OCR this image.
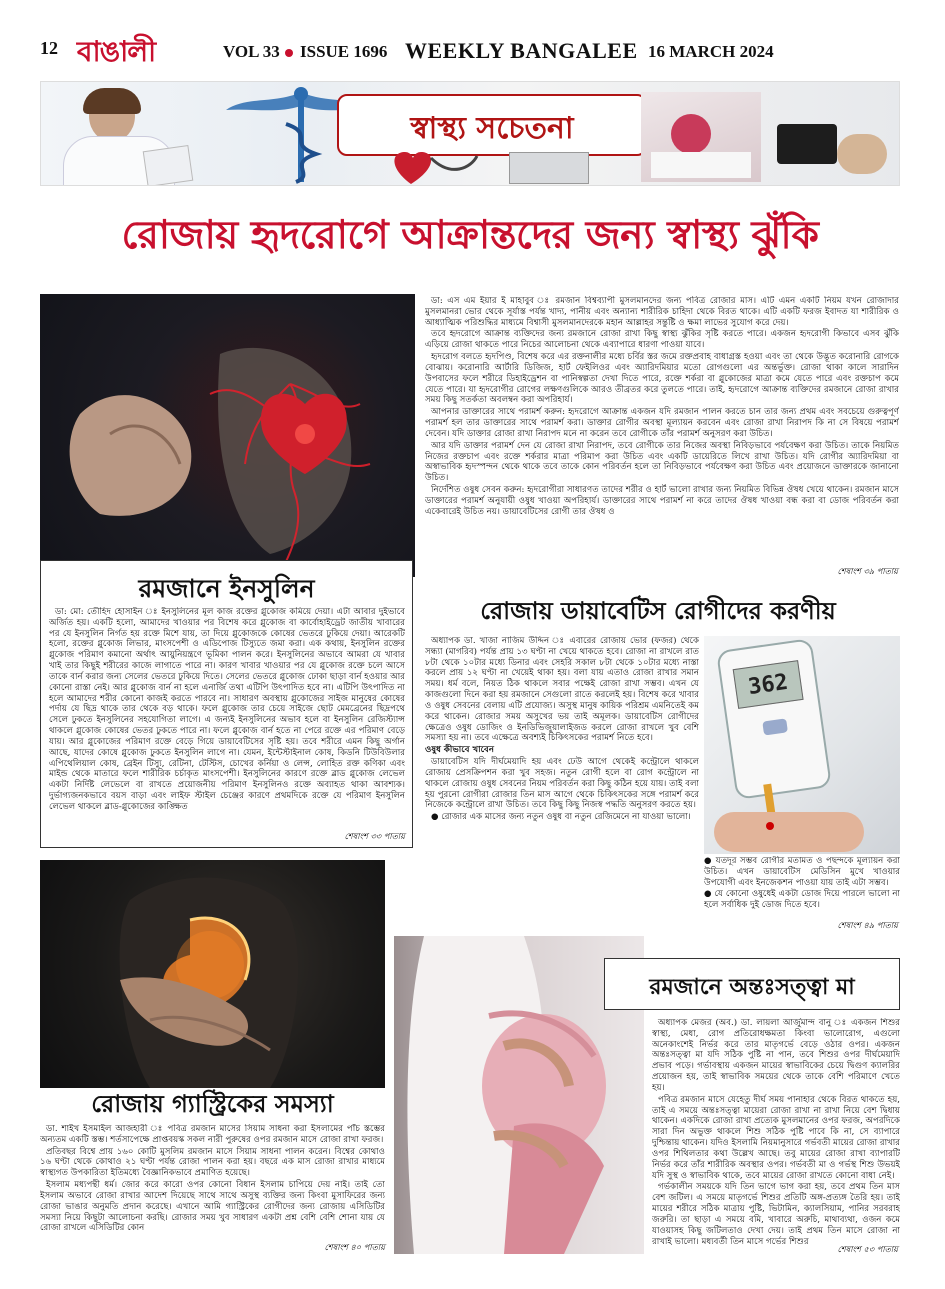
12 বাঙালী	VOL 33 ISSUE 1696 WEEKLY BANGALEE 16 MARCH 2024
স্বাস্থ্য সচেতনা
রোজায় হৃদরোগে আক্রান্তদের জন্য স্বাস্থ্য ঝুঁকি

ডা: এস এম ইয়ার ই মাহাবুব ঃ রমজান বিশ্বব্যাপী মুসলমানদের জন্য পবিত্র রোজার মাস। এটি এমন একটি নিয়ম যখন রোজাদার মুসলমানরা ভোর থেকে সূর্যাস্ত পর্যন্ত খাদ্য, পানীয় এবং অন্যান্য শারীরিক চাহিদা থেকে বিরত থাকে। এটি একটি ফরজ ইবাদত যা শারীরিক ও আধ্যাত্মিক পরিশুদ্ধির মাধ্যমে বিশ্বাসী মুসলমানদেরকে মহান আল্লাহর সন্তুষ্টি ও ক্ষমা লাভের সুযোগ করে দেয়।

তবে হৃদরোগে আক্রান্ত ব্যক্তিদের জন্য রমজানে রোজা রাখা কিছু স্বাস্থ্য ঝুঁকির সৃষ্টি করতে পারে। একজন হৃদরোগী কিভাবে এসব ঝুঁকি এড়িয়ে রোজা থাকতে পারে নিচের আলোচনা থেকে এব্যাপারে ধারণা পাওয়া যাবে।

হৃদরোগ বলতে হৃদপিণ্ড, বিশেষ করে এর রক্তনালীর মধ্যে চর্বির স্তর জমে রক্তপ্রবাহ বাধাগ্রস্ত হওয়া এবং তা থেকে উদ্ভূত করোনারি রোগকে বোঝায়। করোনারি আর্টারি ডিজিজ, হার্ট ফেইলিওর এবং অ্যারিদমিয়ার মতো রোগগুলো এর অন্তর্ভুক্ত। রোজা থাকা কালে সারাদিন উপবাসের ফলে শরীরে ডিহাইড্রেশন বা পানিস্বল্পতা দেখা দিতে পারে, রক্তে শর্করা বা গ্লুকোজের মাত্রা কমে যেতে পারে এবং রক্তচাপ কমে যেতে পারে। যা হৃদরোগীর রোগের লক্ষণগুলিকে আরও তীব্রতর করে তুলতে পারে। তাই, হৃদরোগে আক্রান্ত ব্যক্তিদের রমজানে রোজা রাখার সময় কিছু সতর্কতা অবলম্বন করা অপরিহার্য।

আপনার ডাক্তারের সাথে পরামর্শ করুন: হৃদরোগে আক্রান্ত একজন যদি রমজান পালন করতে চান তার জন্য প্রথম এবং সবচেয়ে গুরুত্বপূর্ণ পরামর্শ হল তার ডাক্তারের সাথে পরামর্শ করা। ডাক্তার রোগীর অবস্থা মূল্যায়ন করবেন এবং রোজা রাখা নিরাপদ কি না সে বিষয়ে পরামর্শ দেবেন। যদি ডাক্তার রোজা রাখা নিরাপদ মনে না করেন তবে রোগীকে তাঁর পরামর্শ অনুসরণ করা উচিত।

আর যদি ডাক্তার পরামর্শ দেন যে রোজা রাখা নিরাপদ, তবে রোগীকে তার নিজের অবস্থা নিবিড়ভাবে পর্যবেক্ষণ করা উচিত। তাকে নিয়মিত নিজের রক্তচাপ এবং রক্তে শর্করার মাত্রা পরিমাপ করা উচিত এবং একটি ডায়েরিতে লিখে রাখা উচিত। যদি রোগীর অ্যারিদমিয়া বা অস্বাভাবিক হৃদস্পন্দন থেকে থাকে তবে তাকে কোন পরিবর্তন হলে তা নিবিড়ভাবে পর্যবেক্ষণ করা উচিত এবং প্রয়োজনে ডাক্তারকে জানানো উচিত।

নির্দেশিত ওষুধ সেবন করুন: হৃদরোগীরা সাধারণত তাদের শরীর ও হার্ট ভালো রাখার জন্য নিয়মিত বিভিন্ন ঔষধ খেয়ে থাকেন। রমজান মাসে ডাক্তারের পরামর্শ অনুযায়ী ওষুধ খাওয়া অপরিহার্য। ডাক্তারের সাথে পরামর্শ না করে তাদের ঔষধ খাওয়া বন্ধ করা বা ডোজ পরিবর্তন করা একেবারেই উচিত নয়। ডায়াবেটিসের রোগী তার ঔষধ ও

শেষাংশ ৩৯ পাতায়
রমজানে ইনসুলিন

ডা: মো: তৌহিদ হোসাইন ঃ ইনসুলিনের মূল কাজ রক্তের গ্লুকোজ কমিয়ে দেয়া। এটা আবার দুইভাবে অর্জিত হয়। একটি হলো, আমাদের খাওয়ার পর বিশেষ করে গ্লুকোজ বা কার্বোহাইড্রেট জাতীয় খাবারের পর যে ইনসুলিন নির্গত হয় রক্তে মিশে যায়, তা দিয়ে গ্লুকোজকে কোষের ভেতরে ঢুকিয়ে দেয়া। আরেকটি হলো, রক্তের গ্লুকোজ লিভার, মাংসপেশী ও এডিপোজ টিস্যুতে জমা করা। এক কথায়, ইনসুলিন রক্তের গ্লুকোজ পরিমাণ কমানো অর্থাৎ আয়ুনিয়ন্ত্রণে ভূমিকা পালন করে। ইনসুলিনের অভাবে আমরা যে খাবার খাই তার কিছুই শরীরের কাজে লাগাতে পারে না। কারণ খাবার খাওয়ার পর যে গ্লুকোজ রক্তে চলে আসে তাকে বার্ন করার জন্য সেলের ভেতরে ঢুকিয়ে দিতে। সেলের ভেতরে গ্লুকোজ ঢোকা ছাড়া বার্ন হওয়ার আর কোনো রাস্তা নেই। আর গ্লুকোজ বার্ন না হলে এনার্জি তথা এটিপি উৎপাদিত হবে না। এটিপি উৎপাদিত না হলে আমাদের শরীর কোনো কাজই করতে পারবে না। সাধারণ অবস্থায় গ্লুকোজের সাইজ মানুষের কোষের পর্দায় যে ছিদ্র থাকে তার থেকে বড় থাকে। ফলে গ্লুকোজ তার চেয়ে সাইজে ছোট মেমব্রেনের ছিদ্রপথে সেলে ঢুকতে ইনসুলিনের সহযোগিতা লাগে। এ জন্যই ইনসুলিনের অভাব হলে বা ইনসুলিন রেজিস্ট্যান্স থাকলে গ্লুকোজ কোষের ভেতর ঢুকতে পারে না। ফলে গ্লুকোজ বার্ন হতে না পেরে রক্তে এর পরিমাণ বেড়ে যায়। আর গ্লুকোজের পরিমাণ রক্তে বেড়ে গিয়ে ডায়াবেটিসের সৃষ্টি হয়। তবে শরীরে এমন কিছু অর্গান আছে, যাদের কোষে গ্লুকোজ ঢুকতে ইনসুলিন লাগে না। যেমন, ইন্টেস্টাইনাল কোষ, কিডনি টিউবিউলার এপিথেলিয়াল কোষ, ব্রেইন টিস্যু, রেটিনা, টেস্টিস, চোখের কর্নিয়া ও লেন্স, লোহিত রক্ত কণিকা এবং মাইন্ড থেকে মাতারে ফলে শারীরিক চর্চাকৃত মাংসপেশী। ইনসুলিনের কারণে রক্তে ব্লাড গ্লুকোজ লেভেল একটা নির্দিষ্ট লেভেলে বা রাখতে প্রয়োজনীয় পরিমাণ ইনসুলিনও রক্তে অব্যাহত থাকা আবশ্যক। দুর্ভাগ্যজনকভাবে বয়স বাড়া এবং লাইফ স্টাইল চেঞ্জের কারণে প্রথমদিকে রক্তে যে পরিমাণ ইনসুলিন লেভেল থাকলে ব্লাড-গ্লুকোজের কাঙ্ক্ষিত

শেষাংশ ৩৩ পাতায়
রোজায় ডায়াবেটিস রোগীদের করণীয়

অধ্যাপক ডা. খাজা নাজিম উদ্দিন ঃ এবারের রোজায় ভোর (ফজর) থেকে সন্ধ্যা (মাগরিব) পর্যন্ত প্রায় ১৩ ঘণ্টা না খেয়ে থাকতে হবে। রোজা না রাখলে রাত ৮টা থেকে ১০টার মধ্যে ডিনার এবং সেহরি সকাল ৮টা থেকে ১০টার মধ্যে নাস্তা করলে প্রায় ১২ ঘণ্টা না খেয়েই থাকা হয়। বলা যায় এতাও রোজা রাখার সমান সময়। ধর্ম বলে, নিয়ত ঠিক থাকলে সবার পক্ষেই রোজা রাখা সম্ভব। এখন যে কাজগুলো দিনে করা হয় রমজানে সেগুলো রাতে করলেই হয়। বিশেষ করে খাবার ও ওষুধ সেবনের বেলায় এটি প্রযোজ্য। অসুস্থ মানুষ কায়িক পরিশ্রম এমনিতেই কম করে থাকেন। রোজার সময় অসুখের ভয় তাই অমূলক। ডায়াবেটিস রোগীদের ক্ষেত্রেও ওষুধ ডোজিং ও ইনডিভিজুয়ালাইজড করলে রোজা রাখলে খুব বেশি সমস্যা হয় না। তবে এক্ষেত্রে অবশ্যই চিকিৎসকের পরামর্শ নিতে হবে।

ওষুধ কীভাবে খাবেন

ডায়াবেটিস যদি দীর্ঘমেয়াদি হয় এবং ঢেউ আগে থেকেই কন্ট্রোলে থাকলে রোজায় প্রেসক্রিপশন করা খুব সহজ। নতুন রোগী হলে বা রোগ কন্ট্রোলে না থাকলে রোজায় ওষুধ সেবনের নিয়ম পরিবর্তন করা কিছু কঠিন হয়ে যায়। তাই বলা হয় পুরনো রোগীরা রোজার তিন মাস আগে থেকে চিকিৎসকের সঙ্গে পরামর্শ করে নিজেকে কন্ট্রোলে রাখা উচিত। তবে কিছু কিছু নিজস্ব পদ্ধতি অনুসরণ করতে হয়।

● রোজার এক মাসের জন্য নতুন ওষুধ বা নতুন রেজিমেনে না যাওয়া ভালো।

362

● যতদূর সম্ভব রোগীর মতামত ও পছন্দকে মূল্যায়ন করা উচিত। এখন ডায়াবেটিস মেডিসিন মুখে খাওয়ার উপযোগী এবং ইনজেকশন পাওয়া যায় তাই এটা সম্ভব।

● যে কোনো ওষুধেই একটা ডোজ দিয়ে পারলে ভালো না হলে সর্বাধিক দুই ডোজ দিতে হবে।

শেষাংশ ৪৯ পাতায়
রোজায় গ্যাস্ট্রিকের সমস্যা

ডা. শাইখ ইসমাইল আজহারী ঃ পবিত্র রমজান মাসের সিয়াম সাধনা করা ইসলামের পাঁচ স্তম্ভের অন্যতম একটি স্তম্ভ। শর্তসাপেক্ষে প্রাপ্তবয়স্ক সকল নারী পুরুষের ওপর রমজান মাসে রোজা রাখা ফরজ।

প্রতিবছর বিশ্বে প্রায় ১৬০ কোটি মুসলিম রমজান মাসে সিয়াম সাধনা পালন করেন। বিশ্বের কোথাও ১৬ ঘণ্টা থেকে কোথাও ২১ ঘণ্টা পর্যন্ত রোজা পালন করা হয়। বছরে এক মাস রোজা রাখার মাধ্যমে স্বাস্থ্যগত উপকারিতা ইতিমধ্যে বৈজ্ঞানিকভাবে প্রমাণিত হয়েছে।

ইসলাম মধ্যপন্থী ধর্ম। জোর করে কারো ওপর কোনো বিধান ইসলাম চাপিয়ে দেয় নাই। তাই তো ইসলাম অভাবে রোজা রাখার আদেশ দিয়েছে সাথে সাথে অসুস্থ ব্যক্তির জন্য কিংবা মুসাফিরের জন্য রোজা ভাঙার অনুমতি প্রদান করেছে। এখানে আমি গ্যাস্ট্রিকের রোগীদের জন্য রোজায় এসিডিটির সমস্যা নিয়ে কিছুটা আলোচনা করছি। রোজার সময় খুব সাধারণ একটা প্রশ্ন বেশি বেশি শোনা যায় যে রোজা রাখলে এসিডিটির কোন

শেষাংশ ৪০ পাতায়
রমজানে অন্তঃসত্ত্বা মা

অধ্যাপক মেজর (অব.) ডা. লায়লা আর্জুমান্দ বানু ঃ একজন শিশুর স্বাস্থ্য, মেধা, রোগ প্রতিরোধক্ষমতা কিংবা ভালোরোগ, এগুলো অনেকাংশেই নির্ভর করে তার মাতৃগর্ভে বেড়ে ওঠার ওপর। একজন অন্তঃসত্ত্বা মা যদি সঠিক পুষ্টি না পান, তবে শিশুর ওপর দীর্ঘমেয়াদি প্রভাব পড়ে। গর্ভাবস্থায় একজন মায়ের স্বাভাবিকের চেয়ে দ্বিগুণ ক্যালরির প্রয়োজন হয়, তাই স্বাভাবিক সময়ের থেকে তাকে বেশি পরিমাণে খেতে হয়।

পবিত্র রমজান মাসে যেহেতু দীর্ঘ সময় পানাহার থেকে বিরত থাকতে হয়, তাই এ সময়ে অন্তঃসত্ত্বা মায়েরা রোজা রাখা না রাখা নিয়ে বেশ দ্বিধায় থাকেন। একদিকে রোজা রাখা প্রত্যেক মুসলমানের ওপর ফরজ, অপরদিকে সারা দিন অভুক্ত থাকলে শিশু সঠিক পুষ্টি পাবে কি না, সে ব্যাপারে দুশ্চিন্তায় থাকেন। যদিও ইসলামি নিয়মানুসারে গর্ভবতী মায়ের রোজা রাখার ওপর শিথিলতার কথা উল্লেখ আছে। তবু মায়ের রোজা রাখা ব্যাপারটি নির্ভর করে তাঁর শারীরিক অবস্থার ওপর। গর্ভবতী মা ও গর্ভস্থ শিশু উভয়ই যদি সুস্থ ও স্বাভাবিক থাকে, তবে মায়ের রোজা রাখতে কোনো বাধা নেই।

গর্ভকালীন সময়কে যদি তিন ভাগে ভাগ করা হয়, তবে প্রথম তিন মাস বেশ জটিল। এ সময়ে মাতৃগর্ভে শিশুর প্রতিটি অঙ্গ-প্রত্যঙ্গ তৈরি হয়। তাই মায়ের শরীরে সঠিক মাত্রায় পুষ্টি, ভিটামিন, ক্যালসিয়াম, পানির সরবরাহ জরুরি। তা ছাড়া এ সময়ে বমি, খাবারে অরুচি, মাথাব্যথা, ওজন কমে যাওয়াসহ কিছু জটিলতাও দেখা দেয়। তাই প্রথম তিন মাসে রোজা না রাখাই ভালো। মধ্যবর্তী তিন মাসে গর্ভের শিশুর

শেষাংশ ৫৩ পাতায়
